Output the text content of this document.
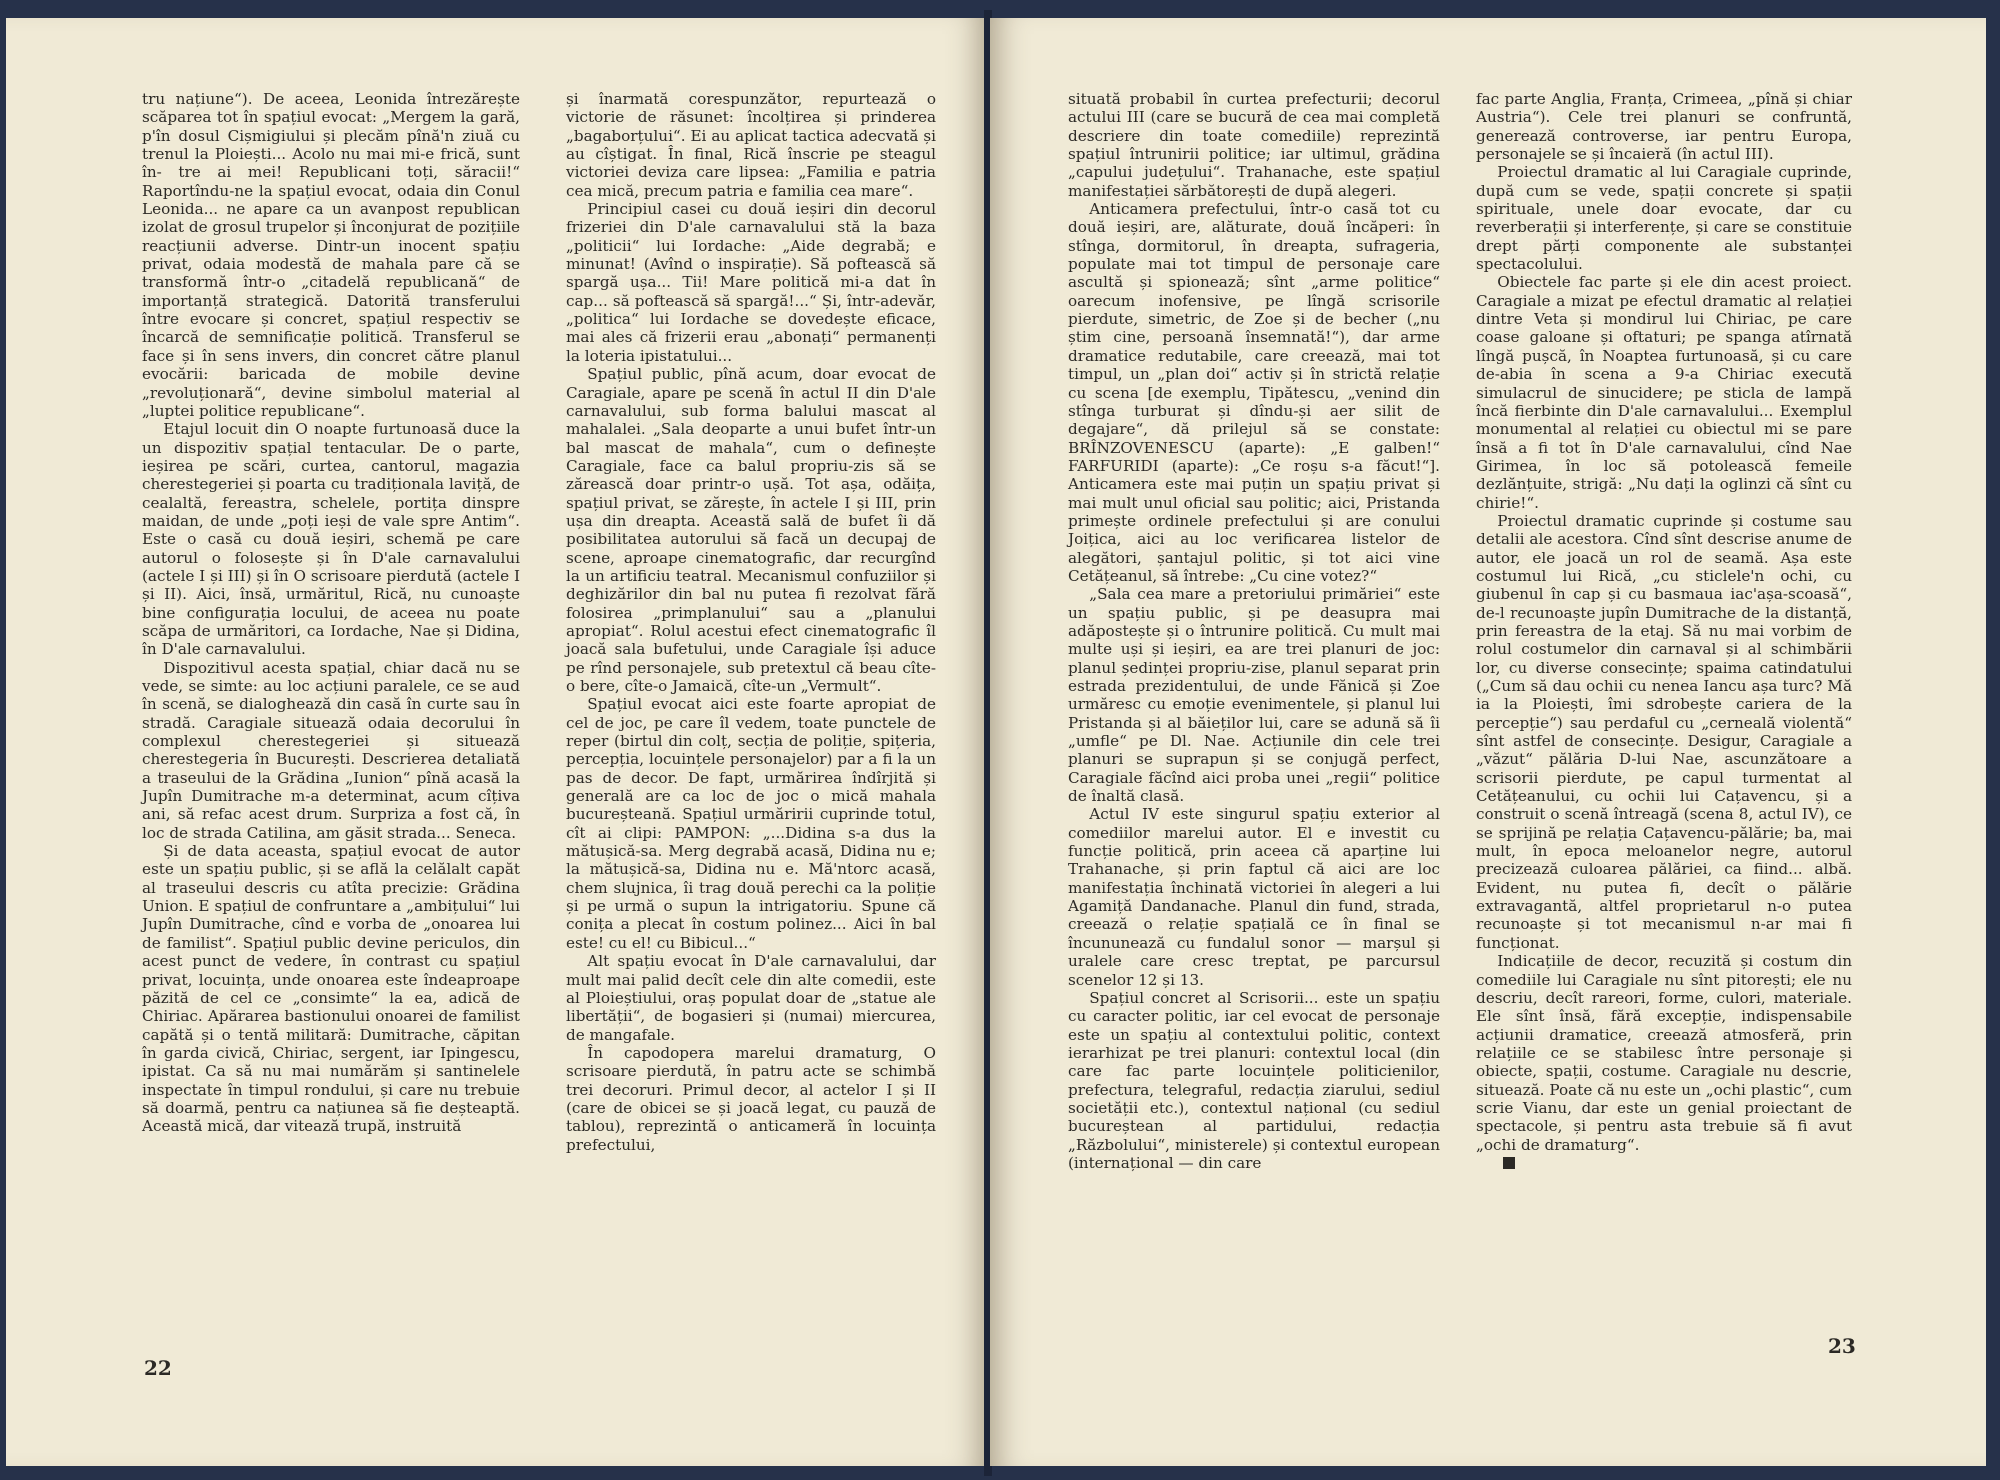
tru națiune“). De aceea, Leonida întrezărește scăparea tot în spațiul evocat: „Mergem la gară, p'în dosul Cișmigiului și plecăm pînă'n ziuă cu trenul la Ploiești... Acolo nu mai mi-e frică, sunt în- tre ai mei! Republicani toți, săracii!“ Raportîndu-ne la spațiul evocat, odaia din Conul Leonida... ne apare ca un avanpost republican izolat de grosul trupelor și înconjurat de pozițiile reacțiunii adverse. Dintr-un inocent spațiu privat, odaia modestă de mahala pare că se transformă într-o „citadelă republicană“ de importanță strategică. Datorită transferului între evocare și concret, spațiul respectiv se încarcă de semnificație politică. Transferul se face și în sens invers, din concret către planul evocării: baricada de mobile devine „revoluționară“, devine simbolul material al „luptei politice republicane“.

Etajul locuit din O noapte furtunoasă duce la un dispozitiv spațial tentacular. De o parte, ieșirea pe scări, curtea, cantorul, magazia cherestegeriei și poarta cu tradiționala laviță, de cealaltă, fereastra, schelele, portița dinspre maidan, de unde „poți ieși de vale spre Antim“. Este o casă cu două ieșiri, schemă pe care autorul o folosește și în D'ale carnavalului (actele I și III) și în O scrisoare pierdută (actele I și II). Aici, însă, urmăritul, Rică, nu cunoaște bine configurația locului, de aceea nu poate scăpa de urmăritori, ca Iordache, Nae și Didina, în D'ale carnavalului.

Dispozitivul acesta spațial, chiar dacă nu se vede, se simte: au loc acțiuni paralele, ce se aud în scenă, se dialoghează din casă în curte sau în stradă. Caragiale situează odaia decorului în complexul cherestegeriei și situează cherestegeria în București. Descrierea detaliată a traseului de la Grădina „Iunion“ pînă acasă la Jupîn Dumitrache m-a determinat, acum cîțiva ani, să refac acest drum. Surpriza a fost că, în loc de strada Catilina, am găsit strada... Seneca.

Și de data aceasta, spațiul evocat de autor este un spațiu public, și se află la celălalt capăt al traseului descris cu atîta precizie: Grădina Union. E spațiul de confruntare a „ambițului“ lui Jupîn Dumitrache, cînd e vorba de „onoarea lui de familist“. Spațiul public devine periculos, din acest punct de vedere, în contrast cu spațiul privat, locuința, unde onoarea este îndeaproape păzită de cel ce „consimte“ la ea, adică de Chiriac. Apărarea bastionului onoarei de familist capătă și o tentă militară: Dumitrache, căpitan în garda civică, Chiriac, sergent, iar Ipingescu, ipistat. Ca să nu mai numărăm și santinelele inspectate în timpul rondului, și care nu trebuie să doarmă, pentru ca națiunea să fie deșteaptă. Această mică, dar vitează trupă, instruită

și înarmată corespunzător, repurtează o victorie de răsunet: încolțirea și prinderea „bagaborțului“. Ei au aplicat tactica adecvată și au cîștigat. În final, Rică înscrie pe steagul victoriei deviza care lipsea: „Familia e patria cea mică, precum patria e familia cea mare“.

Principiul casei cu două ieșiri din decorul frizeriei din D'ale carnavalului stă la baza „politicii“ lui Iordache: „Aide degrabă; e minunat! (Avînd o inspirație). Să poftească să spargă ușa... Tii! Mare politică mi-a dat în cap... să poftească să spargă!...“ Și, într-adevăr, „politica“ lui Iordache se dovedește eficace, mai ales că frizerii erau „abonați“ permanenți la loteria ipistatului...

Spațiul public, pînă acum, doar evocat de Caragiale, apare pe scenă în actul II din D'ale carnavalului, sub forma balului mascat al mahalalei. „Sala deoparte a unui bufet într-un bal mascat de mahala“, cum o definește Caragiale, face ca balul propriu-zis să se zărească doar printr-o ușă. Tot așa, odăița, spațiul privat, se zărește, în actele I și III, prin ușa din dreapta. Această sală de bufet îi dă posibilitatea autorului să facă un decupaj de scene, aproape cinematografic, dar recurgînd la un artificiu teatral. Mecanismul confuziilor și deghizărilor din bal nu putea fi rezolvat fără folosirea „primplanului“ sau a „planului apropiat“. Rolul acestui efect cinematografic îl joacă sala bufetului, unde Caragiale își aduce pe rînd personajele, sub pretextul că beau cîte-o bere, cîte-o Jamaică, cîte-un „Vermult“.

Spațiul evocat aici este foarte apropiat de cel de joc, pe care îl vedem, toate punctele de reper (birtul din colț, secția de poliție, spițeria, percepția, locuințele personajelor) par a fi la un pas de decor. De fapt, urmărirea îndîrjită și generală are ca loc de joc o mică mahala bucureșteană. Spațiul urmăririi cuprinde totul, cît ai clipi: PAMPON: „...Didina s-a dus la mătușică-sa. Merg degrabă acasă, Didina nu e; la mătușică-sa, Didina nu e. Mă'ntorc acasă, chem slujnica, îi trag două perechi ca la poliție și pe urmă o supun la intrigatoriu. Spune că conița a plecat în costum polinez... Aici în bal este! cu el! cu Bibicul...“

Alt spațiu evocat în D'ale carnavalului, dar mult mai palid decît cele din alte comedii, este al Ploieștiului, oraș populat doar de „statue ale libertății“, de bogasieri și (numai) miercurea, de mangafale.

În capodopera marelui dramaturg, O scrisoare pierdută, în patru acte se schimbă trei decoruri. Primul decor, al actelor I și II (care de obicei se și joacă legat, cu pauză de tablou), reprezintă o anticameră în locuința prefectului,

22

situată probabil în curtea prefecturii; decorul actului III (care se bucură de cea mai completă descriere din toate comediile) reprezintă spațiul întrunirii politice; iar ultimul, grădina „capului județului“. Trahanache, este spațiul manifestației sărbătorești de după alegeri.

Anticamera prefectului, într-o casă tot cu două ieșiri, are, alăturate, două încăperi: în stînga, dormitorul, în dreapta, sufrageria, populate mai tot timpul de personaje care ascultă și spionează; sînt „arme politice“ oarecum inofensive, pe lîngă scrisorile pierdute, simetric, de Zoe și de becher („nu știm cine, persoană însemnată!“), dar arme dramatice redutabile, care creează, mai tot timpul, un „plan doi“ activ și în strictă relație cu scena [de exemplu, Tipătescu, „venind din stînga turburat și dîndu-și aer silit de degajare“, dă prilejul să se constate: BRÎNZOVENESCU (aparte): „E galben!“ FARFURIDI (aparte): „Ce roșu s-a făcut!“]. Anticamera este mai puțin un spațiu privat și mai mult unul oficial sau politic; aici, Pristanda primește ordinele prefectului și are conului Joițica, aici au loc verificarea listelor de alegători, șantajul politic, și tot aici vine Cetățeanul, să întrebe: „Cu cine votez?“

„Sala cea mare a pretoriului primăriei“ este un spațiu public, și pe deasupra mai adăpostește și o întrunire politică. Cu mult mai multe uși și ieșiri, ea are trei planuri de joc: planul ședinței propriu-zise, planul separat prin estrada prezidentului, de unde Fănică și Zoe urmăresc cu emoție evenimentele, și planul lui Pristanda și al băieților lui, care se adună să îi „umfle“ pe Dl. Nae. Acțiunile din cele trei planuri se suprapun și se conjugă perfect, Caragiale făcînd aici proba unei „regii“ politice de înaltă clasă.

Actul IV este singurul spațiu exterior al comediilor marelui autor. El e investit cu funcție politică, prin aceea că aparține lui Trahanache, și prin faptul că aici are loc manifestația închinată victoriei în alegeri a lui Agamiță Dandanache. Planul din fund, strada, creează o relație spațială ce în final se încununează cu fundalul sonor — marșul și uralele care cresc treptat, pe parcursul scenelor 12 și 13.

Spațiul concret al Scrisorii... este un spațiu cu caracter politic, iar cel evocat de personaje este un spațiu al contextului politic, context ierarhizat pe trei planuri: contextul local (din care fac parte locuințele politicienilor, prefectura, telegraful, redacția ziarului, sediul societății etc.), contextul național (cu sediul bucureștean al partidului, redacția „Războlului“, ministerele) și contextul european (internațional — din care

fac parte Anglia, Franța, Crimeea, „pînă și chiar Austria“). Cele trei planuri se confruntă, generează controverse, iar pentru Europa, personajele se și încaieră (în actul III).

Proiectul dramatic al lui Caragiale cuprinde, după cum se vede, spații concrete și spații spirituale, unele doar evocate, dar cu reverberații și interferențe, și care se constituie drept părți componente ale substanței spectacolului.

Obiectele fac parte și ele din acest proiect. Caragiale a mizat pe efectul dramatic al relației dintre Veta și mondirul lui Chiriac, pe care coase galoane și oftaturi; pe spanga atîrnată lîngă pușcă, în Noaptea furtunoasă, și cu care de-abia în scena a 9-a Chiriac execută simulacrul de sinucidere; pe sticla de lampă încă fierbinte din D'ale carnavalului... Exemplul monumental al relației cu obiectul mi se pare însă a fi tot în D'ale carnavalului, cînd Nae Girimea, în loc să potolească femeile dezlănțuite, strigă: „Nu dați la oglinzi că sînt cu chirie!“.

Proiectul dramatic cuprinde și costume sau detalii ale acestora. Cînd sînt descrise anume de autor, ele joacă un rol de seamă. Așa este costumul lui Rică, „cu sticlele'n ochi, cu giubenul în cap și cu basmaua iac'așa-scoasă“, de-l recunoaște jupîn Dumitrache de la distanță, prin fereastra de la etaj. Să nu mai vorbim de rolul costumelor din carnaval și al schimbării lor, cu diverse consecințe; spaima catindatului („Cum să dau ochii cu nenea Iancu așa turc? Mă ia la Ploiești, îmi sdrobește cariera de la percepție“) sau perdaful cu „cerneală violentă“ sînt astfel de consecințe. Desigur, Caragiale a „văzut“ pălăria D-lui Nae, ascunzătoare a scrisorii pierdute, pe capul turmentat al Cetățeanului, cu ochii lui Cațavencu, și a construit o scenă întreagă (scena 8, actul IV), ce se sprijină pe relația Cațavencu-pălărie; ba, mai mult, în epoca meloanelor negre, autorul precizează culoarea pălăriei, ca fiind... albă. Evident, nu putea fi, decît o pălărie extravagantă, altfel proprietarul n-o putea recunoaște și tot mecanismul n-ar mai fi funcționat.

Indicațiile de decor, recuzită și costum din comediile lui Caragiale nu sînt pitorești; ele nu descriu, decît rareori, forme, culori, materiale. Ele sînt însă, fără excepție, indispensabile acțiunii dramatice, creează atmosferă, prin relațiile ce se stabilesc între personaje și obiecte, spații, costume. Caragiale nu descrie, situează. Poate că nu este un „ochi plastic“, cum scrie Vianu, dar este un genial proiectant de spectacole, și pentru asta trebuie să fi avut „ochi de dramaturg“.

23
